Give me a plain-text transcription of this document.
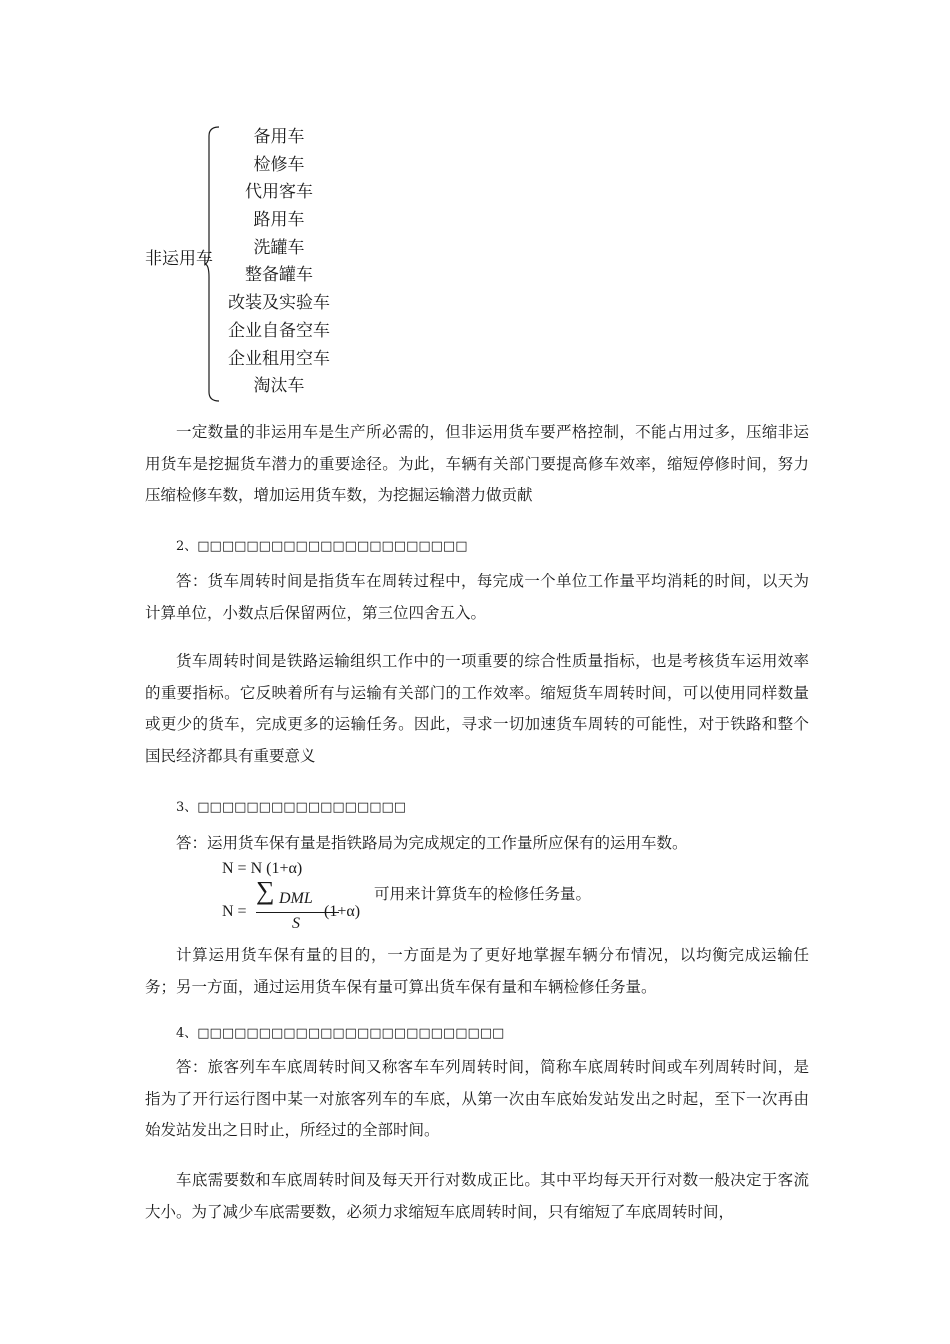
非运用车
备用车
检修车
代用客车
路用车
洗罐车
整备罐车
改装及实验车
企业自备空车
企业租用空车
淘汰车

一定数量的非运用车是生产所必需的，但非运用货车要严格控制，不能占用过多，压缩非运用货车是挖掘货车潜力的重要途径。为此，车辆有关部门要提高修车效率，缩短停修时间，努力压缩检修车数，增加运用货车数，为挖掘运输潜力做贡献

2、□□□□□□□□□□□□□□□□□□□□□□

答：货车周转时间是指货车在周转过程中，每完成一个单位工作量平均消耗的时间，以天为计算单位，小数点后保留两位，第三位四舍五入。

货车周转时间是铁路运输组织工作中的一项重要的综合性质量指标，也是考核货车运用效率的重要指标。它反映着所有与运输有关部门的工作效率。缩短货车周转时间，可以使用同样数量或更少的货车，完成更多的运输任务。因此，寻求一切加速货车周转的可能性，对于铁路和整个国民经济都具有重要意义

3、□□□□□□□□□□□□□□□□□

答：运用货车保有量是指铁路局为完成规定的工作量所应保有的运用车数。

N = N (1+α)
∑ DML
N =	(1+α)
S
可用来计算货车的检修任务量。

计算运用货车保有量的目的，一方面是为了更好地掌握车辆分布情况，以均衡完成运输任务；另一方面，通过运用货车保有量可算出货车保有量和车辆检修任务量。

4、□□□□□□□□□□□□□□□□□□□□□□□□□

答：旅客列车车底周转时间又称客车车列周转时间，简称车底周转时间或车列周转时间，是指为了开行运行图中某一对旅客列车的车底，从第一次由车底始发站发出之时起，至下一次再由始发站发出之日时止，所经过的全部时间。

车底需要数和车底周转时间及每天开行对数成正比。其中平均每天开行对数一般决定于客流大小。为了减少车底需要数，必须力求缩短车底周转时间，只有缩短了车底周转时间，
